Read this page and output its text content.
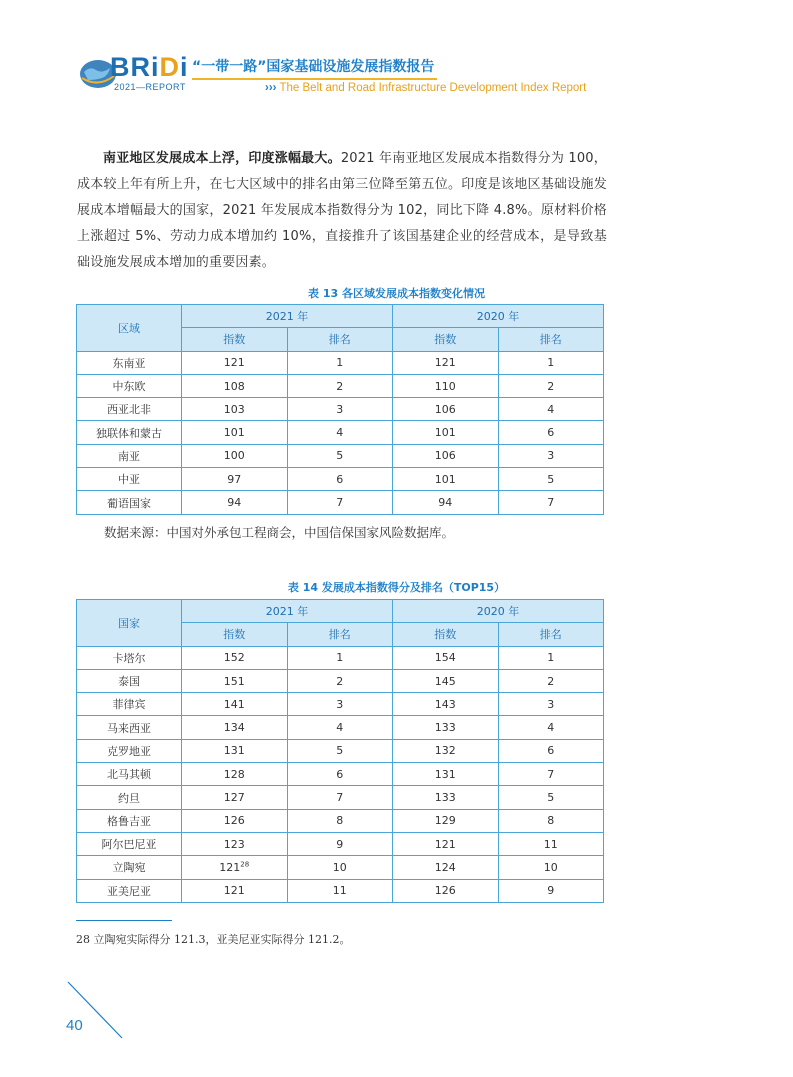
BRiDi
2021—REPORT
“一带一路”国家基础设施发展指数报告
››› The Belt and Road Infrastructure Development Index Report
南亚地区发展成本上浮，印度涨幅最大。2021 年南亚地区发展成本指数得分为 100，成本较上年有所上升，在七大区域中的排名由第三位降至第五位。印度是该地区基础设施发展成本增幅最大的国家，2021 年发展成本指数得分为 102，同比下降 4.8%。原材料价格上涨超过 5%、劳动力成本增加约 10%，直接推升了该国基建企业的经营成本，是导致基础设施发展成本增加的重要因素。
表 13 各区域发展成本指数变化情况
区域	2021 年		2020 年	
	指数	排名	指数	排名
东南亚	121	1	121	1
中东欧	108	2	110	2
西亚北非	103	3	106	4
独联体和蒙古	101	4	101	6
南亚	100	5	106	3
中亚	97	6	101	5
葡语国家	94	7	94	7
数据来源：中国对外承包工程商会，中国信保国家风险数据库。
表 14 发展成本指数得分及排名（TOP15）
国家	2021 年		2020 年	
	指数	排名	指数	排名
卡塔尔	152	1	154	1
泰国	151	2	145	2
菲律宾	141	3	143	3
马来西亚	134	4	133	4
克罗地亚	131	5	132	6
北马其顿	128	6	131	7
约旦	127	7	133	5
格鲁吉亚	126	8	129	8
阿尔巴尼亚	123	9	121	11
立陶宛	$121^{28}$	10	124	10
亚美尼亚	121	11	126	9
28 立陶宛实际得分 121.3，亚美尼亚实际得分 121.2。
40
